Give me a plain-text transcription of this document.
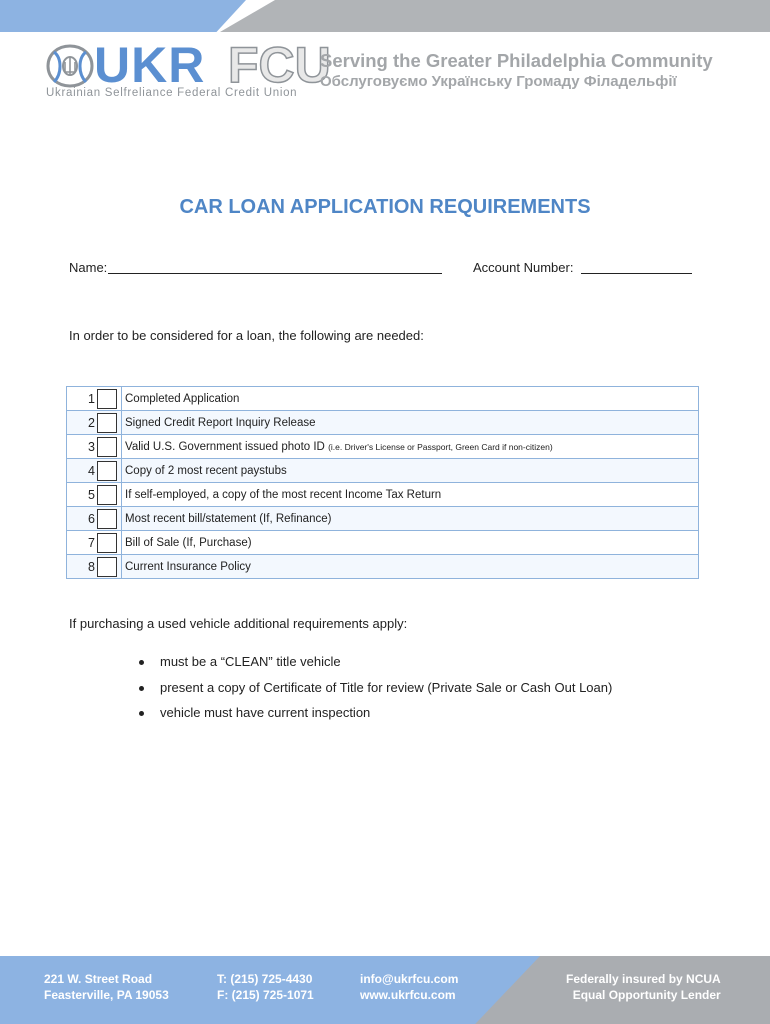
UKR FCU
Ukrainian Selfreliance Federal Credit Union
Serving the Greater Philadelphia Community
Обслуговуємо Українську Громаду Філадельфії
CAR LOAN APPLICATION REQUIREMENTS
Name:	Account Number:
In order to be considered for a loan, the following are needed:
1		Completed Application
2		Signed Credit Report Inquiry Release
3		Valid U.S. Government issued photo ID (i.e. Driver's License or Passport, Green Card if non-citizen)
4		Copy of 2 most recent paystubs
5		If self-employed, a copy of the most recent Income Tax Return
6		Most recent bill/statement (If, Refinance)
7		Bill of Sale (If, Purchase)
8		Current Insurance Policy
If purchasing a used vehicle additional requirements apply:
must be a “CLEAN” title vehicle
present a copy of Certificate of Title for review (Private Sale or Cash Out Loan)
vehicle must have current inspection
221 W. Street Road
Feasterville, PA 19053
T: (215) 725-4430
F: (215) 725-1071
info@ukrfcu.com
www.ukrfcu.com
Federally insured by NCUA
Equal Opportunity Lender
